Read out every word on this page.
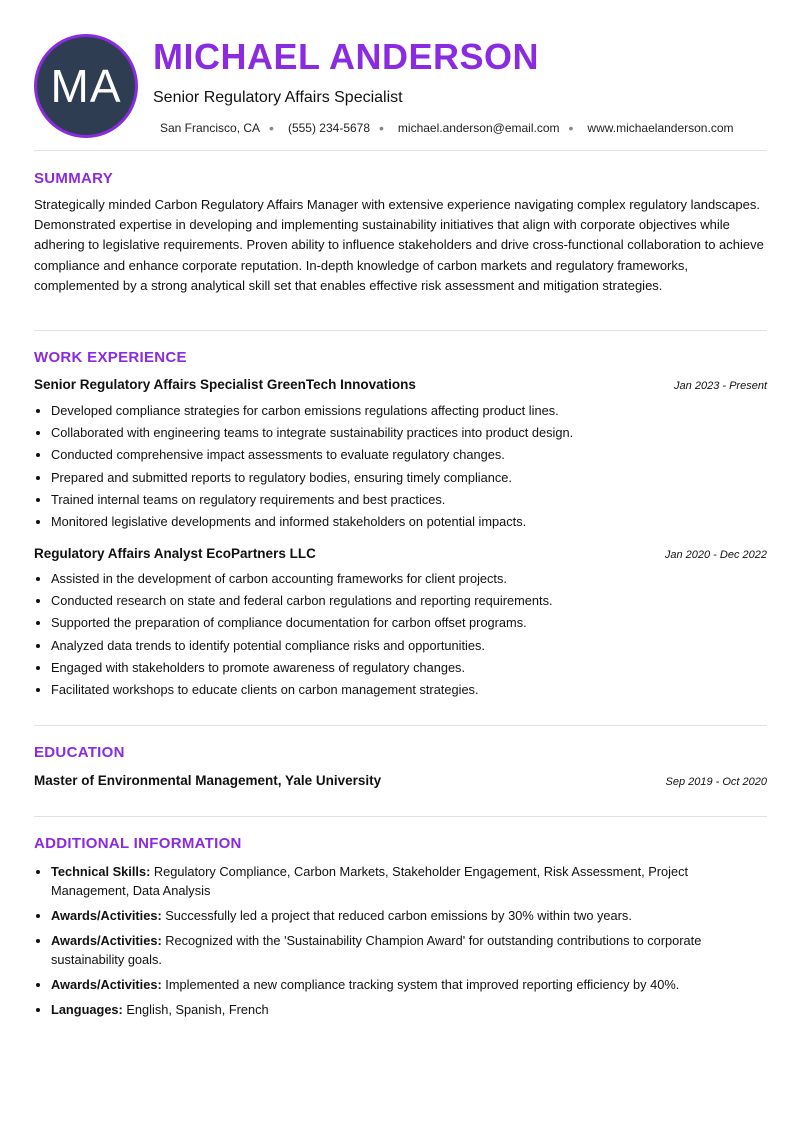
MA
MICHAEL ANDERSON
Senior Regulatory Affairs Specialist
San Francisco, CA • (555) 234-5678 • michael.anderson@email.com • www.michaelanderson.com
SUMMARY

Strategically minded Carbon Regulatory Affairs Manager with extensive experience navigating complex regulatory landscapes. Demonstrated expertise in developing and implementing sustainability initiatives that align with corporate objectives while adhering to legislative requirements. Proven ability to influence stakeholders and drive cross-functional collaboration to achieve compliance and enhance corporate reputation. In-depth knowledge of carbon markets and regulatory frameworks, complemented by a strong analytical skill set that enables effective risk assessment and mitigation strategies.

WORK EXPERIENCE
Senior Regulatory Affairs Specialist GreenTech Innovations	Jan 2023 - Present
• Developed compliance strategies for carbon emissions regulations affecting product lines.
• Collaborated with engineering teams to integrate sustainability practices into product design.
• Conducted comprehensive impact assessments to evaluate regulatory changes.
• Prepared and submitted reports to regulatory bodies, ensuring timely compliance.
• Trained internal teams on regulatory requirements and best practices.
• Monitored legislative developments and informed stakeholders on potential impacts.
Regulatory Affairs Analyst EcoPartners LLC	Jan 2020 - Dec 2022
• Assisted in the development of carbon accounting frameworks for client projects.
• Conducted research on state and federal carbon regulations and reporting requirements.
• Supported the preparation of compliance documentation for carbon offset programs.
• Analyzed data trends to identify potential compliance risks and opportunities.
• Engaged with stakeholders to promote awareness of regulatory changes.
• Facilitated workshops to educate clients on carbon management strategies.
EDUCATION
Master of Environmental Management, Yale University	Sep 2019 - Oct 2020
ADDITIONAL INFORMATION
• Technical Skills: Regulatory Compliance, Carbon Markets, Stakeholder Engagement, Risk Assessment, Project Management, Data Analysis
• Awards/Activities: Successfully led a project that reduced carbon emissions by 30% within two years.
• Awards/Activities: Recognized with the 'Sustainability Champion Award' for outstanding contributions to corporate sustainability goals.
• Awards/Activities: Implemented a new compliance tracking system that improved reporting efficiency by 40%.
• Languages: English, Spanish, French
